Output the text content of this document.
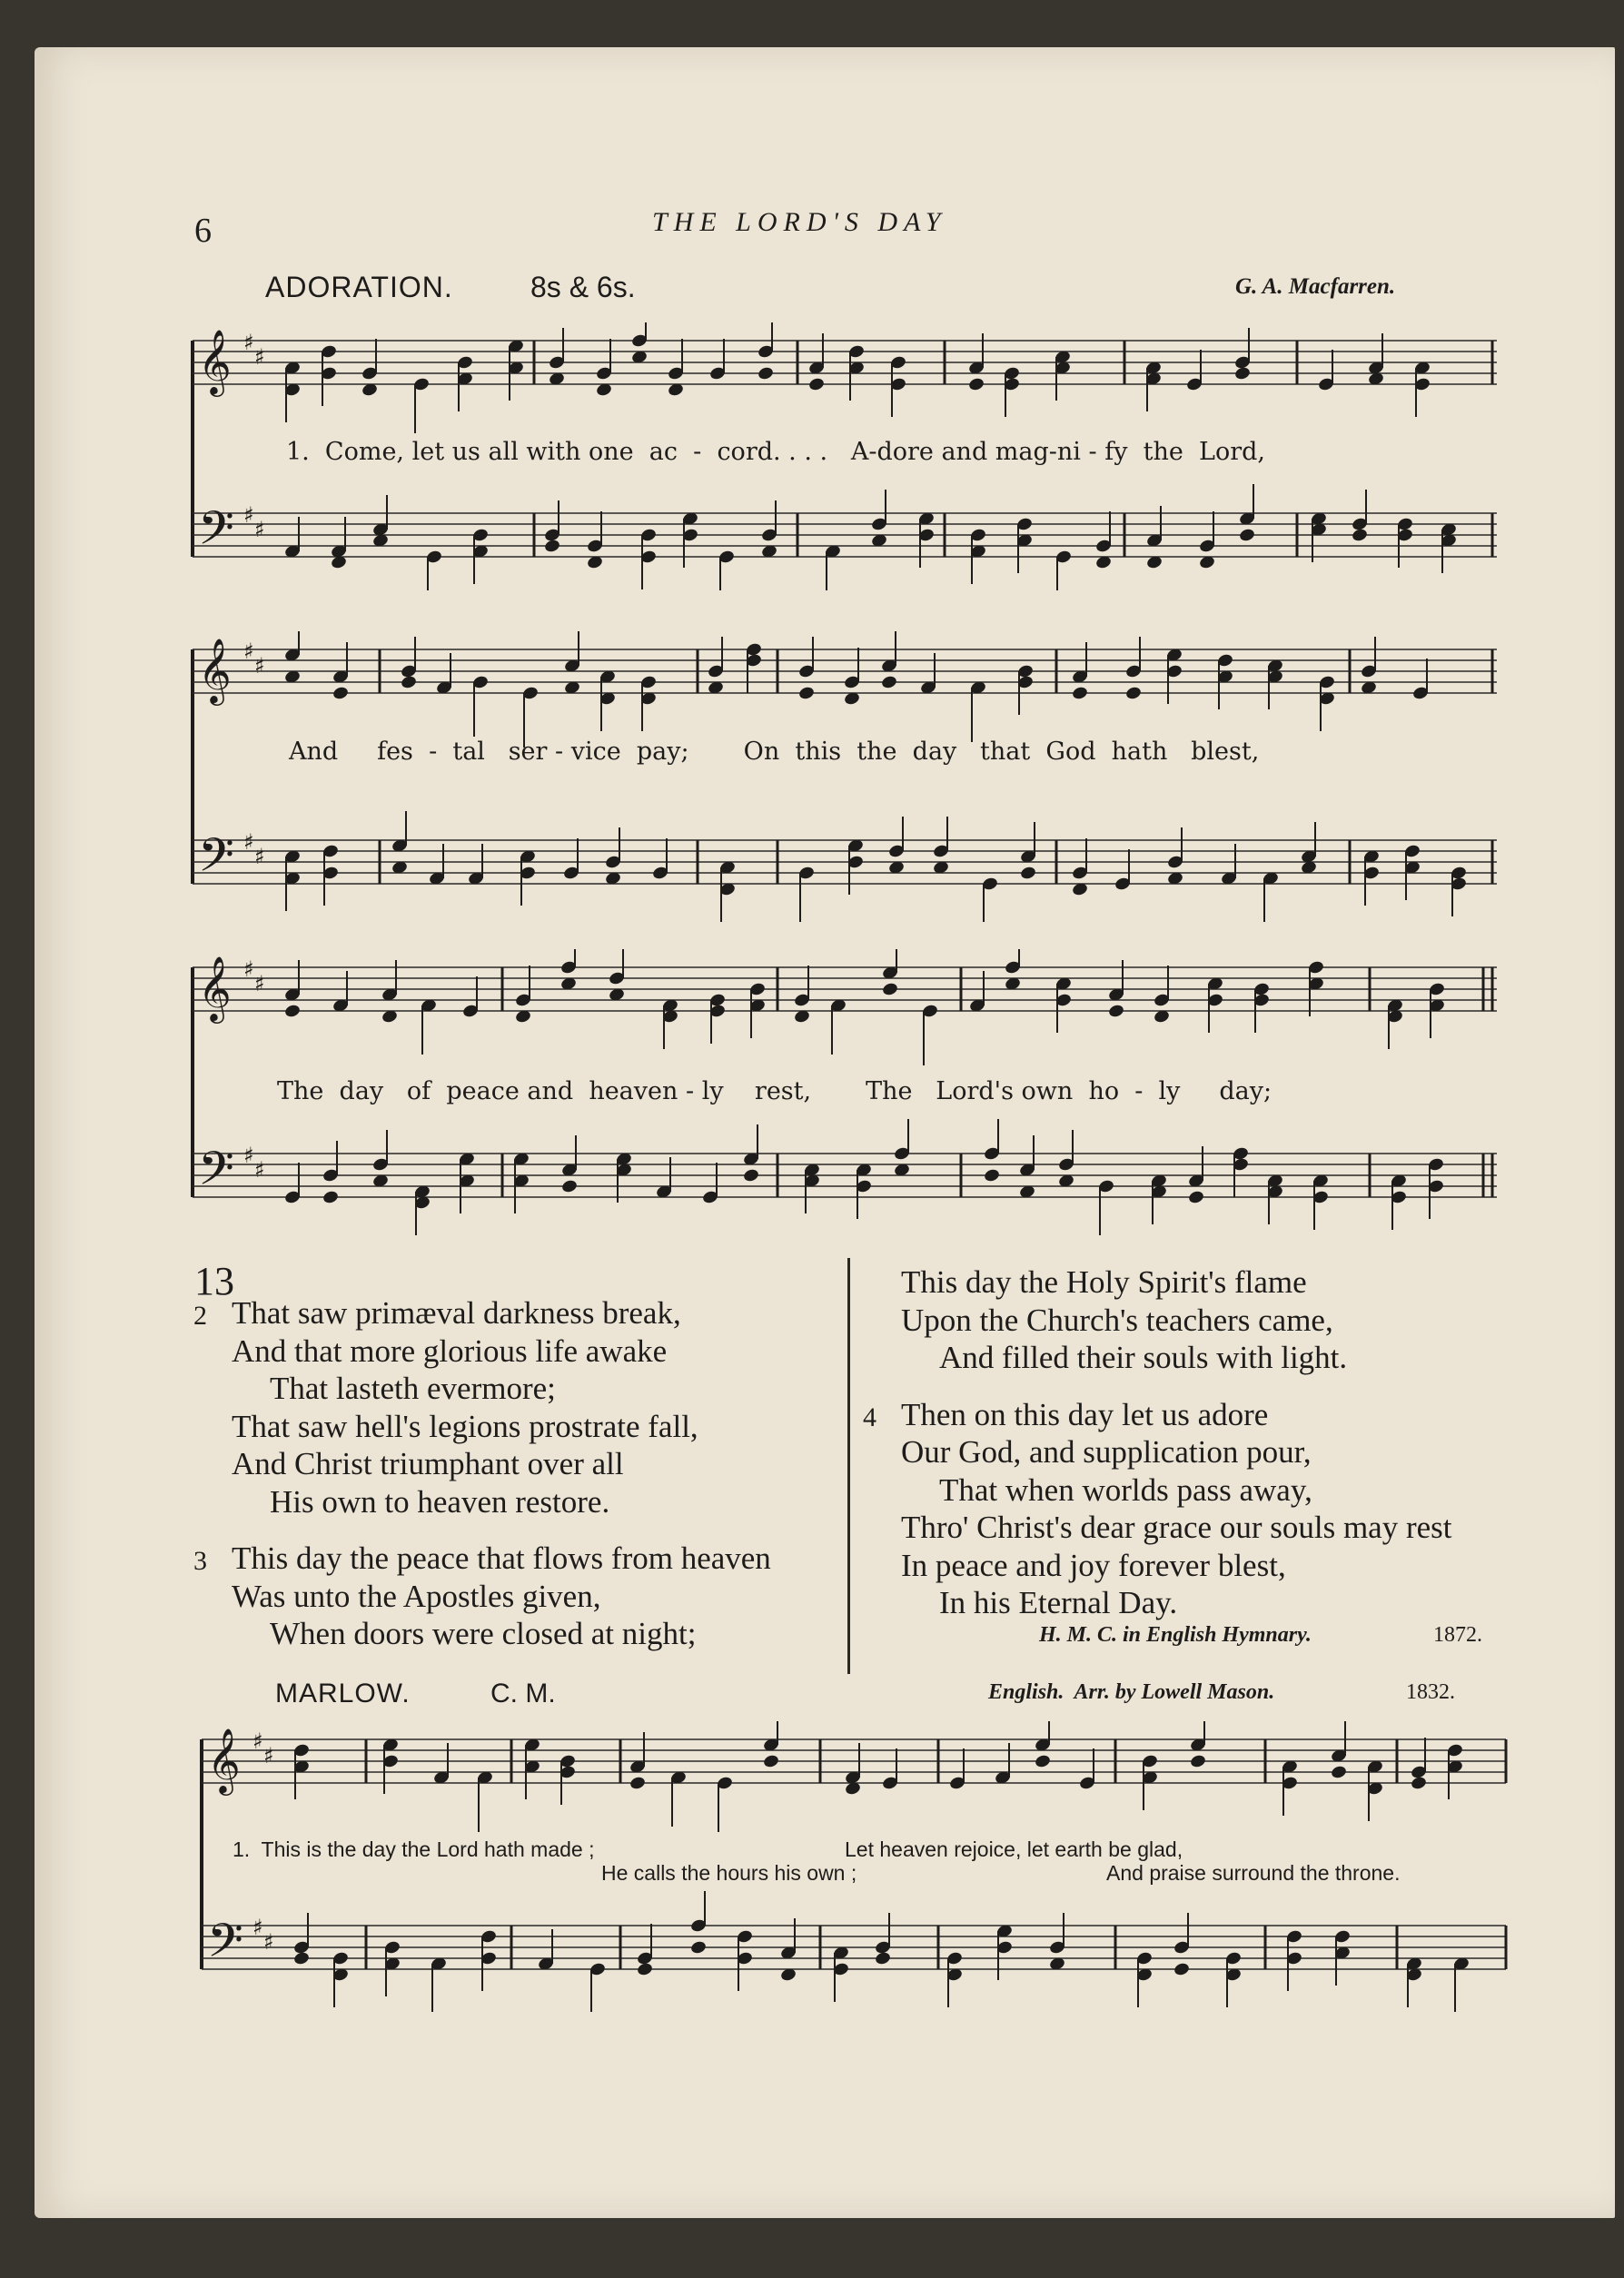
6	THE LORD'S DAY
ADORATION.	8s & 6s.	G. A. Macfarren.
𝄞 ♯
♯
𝄢 ♯
♯
1.  Come, let us all with one  ac  -  cord. . . .   A-dore and mag-ni - fy  the  Lord,
𝄞 ♯
♯
𝄢 ♯
♯
And     fes  -  tal   ser - vice  pay;       On  this  the  day   that  God  hath   blest,
𝄞 ♯
♯
𝄢 ♯
♯
The  day   of  peace and  heaven - ly    rest,       The   Lord's own  ho  -  ly     day;
13
2 That saw primæval darkness break,
And that more glorious life awake
That lasteth evermore;
That saw hell's legions prostrate fall,
And Christ triumphant over all
His own to heaven restore.
3 This day the peace that flows from heaven
Was unto the Apostles given,
When doors were closed at night;
This day the Holy Spirit's flame
Upon the Church's teachers came,
And filled their souls with light.
4 Then on this day let us adore
Our God, and supplication pour,
That when worlds pass away,
Thro' Christ's dear grace our souls may rest
In peace and joy forever blest,
In his Eternal Day.
H. M. C. in English Hymnary.	1872.
MARLOW.	C. M.	English.  Arr. by Lowell Mason.	1832.
𝄞 ♯
♯
𝄢 ♯
♯
1.  This is the day the Lord hath made ;	Let heaven rejoice, let earth be glad,
He calls the hours his own ;	And praise surround the throne.
